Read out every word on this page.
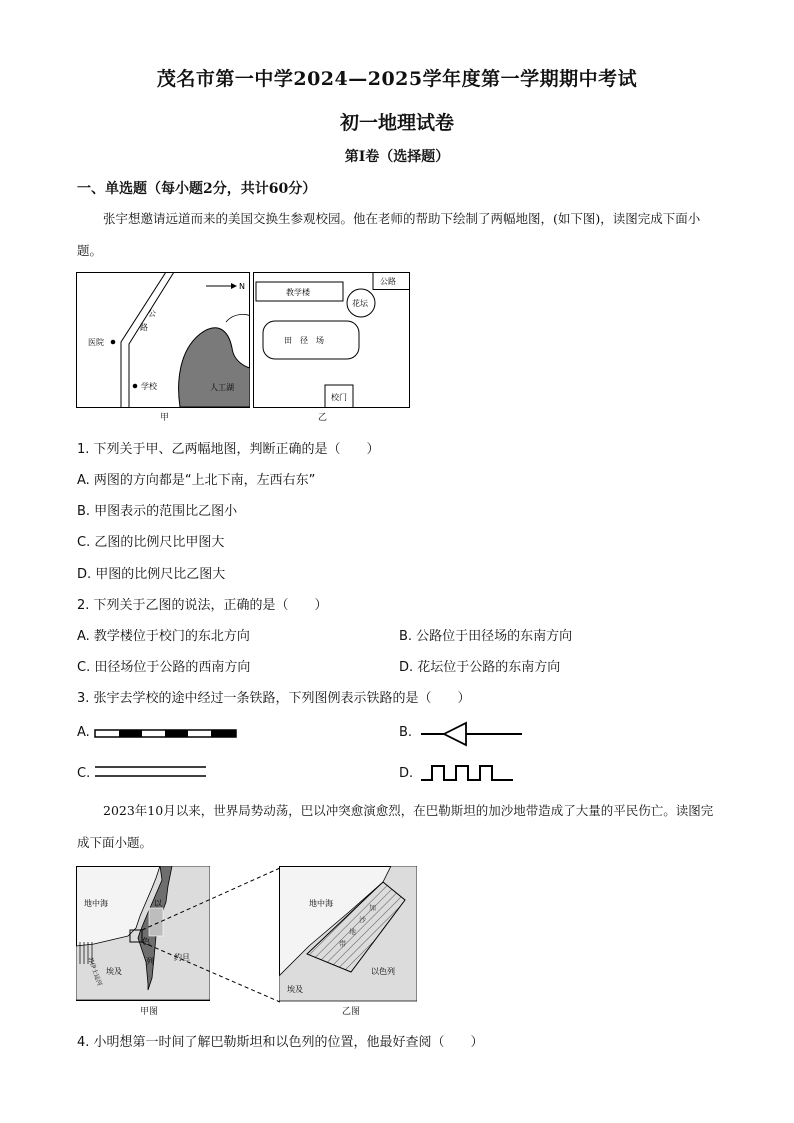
茂名市第一中学2024—2025学年度第一学期期中考试
初一地理试卷
第I卷（选择题）
一、单选题（每小题2分，共计60分）
张宇想邀请远道而来的美国交换生参观校园。他在老师的帮助下绘制了两幅地图，(如下图)，读图完成下面小题。
N
公
路
人工湖
医院
学校
甲
公路
教学楼
花坛
田　径　场
校门
乙
1. 下列关于甲、乙两幅地图，判断正确的是（　　）
A. 两图的方向都是“上北下南，左西右东”
B. 甲图表示的范围比乙图小
C. 乙图的比例尺比甲图大
D. 甲图的比例尺比乙图大
2. 下列关于乙图的说法，正确的是（　　）
A. 教学楼位于校门的东北方向	B. 公路位于田径场的东南方向
C. 田径场位于公路的西南方向	D. 花坛位于公路的东南方向
3. 张宇去学校的途中经过一条铁路，下列图例表示铁路的是（　　）
A.	B.
C.	D.
2023年10月以来，世界局势动荡，巴以冲突愈演愈烈，在巴勒斯坦的加沙地带造成了大量的平民伤亡。读图完成下面小题。
地中海	以
色
列	约旦
埃及
苏伊士运河
甲图
地中海
以色列
埃及
加
沙
地
带
乙图
4. 小明想第一时间了解巴勒斯坦和以色列的位置，他最好查阅（　　）
